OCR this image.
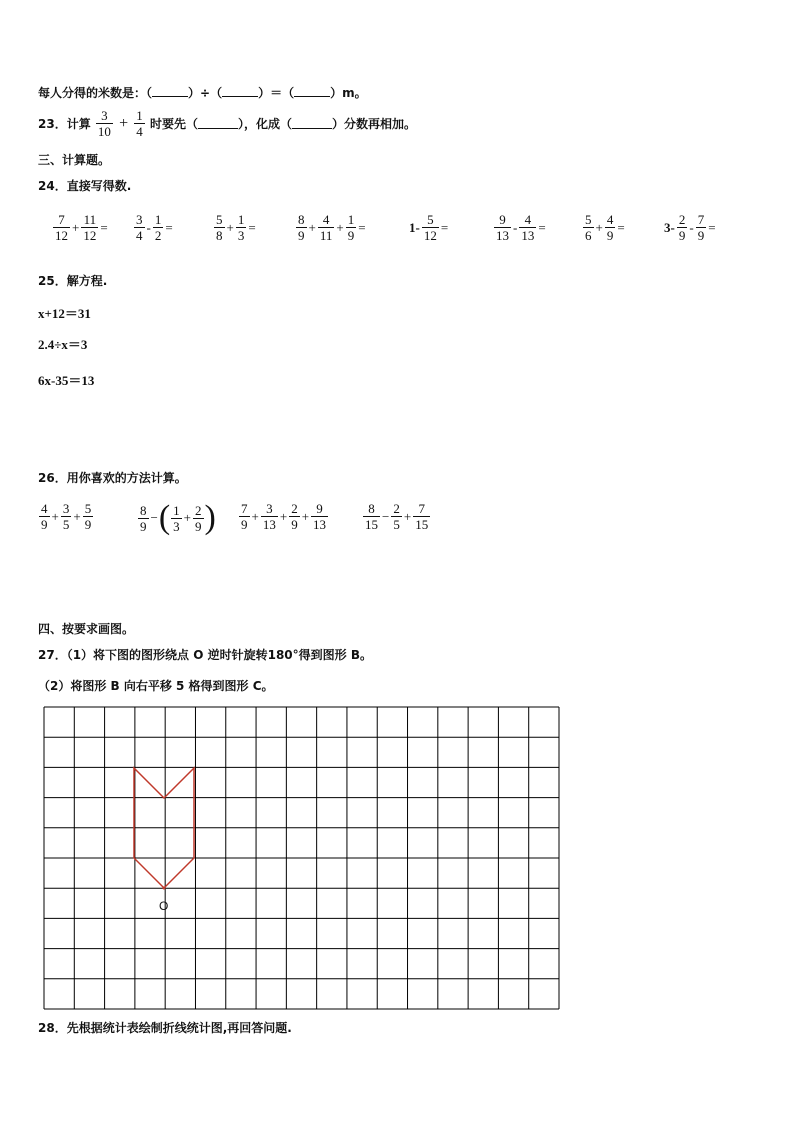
每人分得的米数是：（	）÷（	）＝（	）m。
23．计算 $\frac{3}{10} + \frac{1}{4}$ 时要先（	），化成（	）分数再相加。
三、计算题。
24．直接写得数.
$\frac{7}{12} + \frac{11}{12} = \frac{3}{4} - \frac{1}{2}$ =	$\frac{5}{8} + \frac{1}{3}$ =	$\frac{8}{9} + \frac{4}{11} + \frac{1}{9}$ =	$1- \frac{5}{12}$ =	$\frac{9}{13} - \frac{4}{13}$ =	$\frac{5}{6} + \frac{4}{9}$ =	$3- \frac{2}{9} - \frac{7}{9}$ =
25．解方程.
x+12＝31
2.4÷x＝3
6x-35＝13
26．用你喜欢的方法计算。
$\frac{4}{9} + \frac{3}{5} + \frac{5}{9}$	$\frac{8}{9}$ −( $\frac{1}{3} + \frac{2}{9}$ ) $\frac{7}{9} + \frac{3}{13} + \frac{2}{9} + \frac{9}{13}$	$\frac{8}{15} - \frac{2}{5} + \frac{7}{15}$
四、按要求画图。
27．（1）将下图的图形绕点 O 逆时针旋转180°得到图形 B。
（2）将图形 B 向右平移 5 格得到图形 C。
O
28．先根据统计表绘制折线统计图,再回答问题.
